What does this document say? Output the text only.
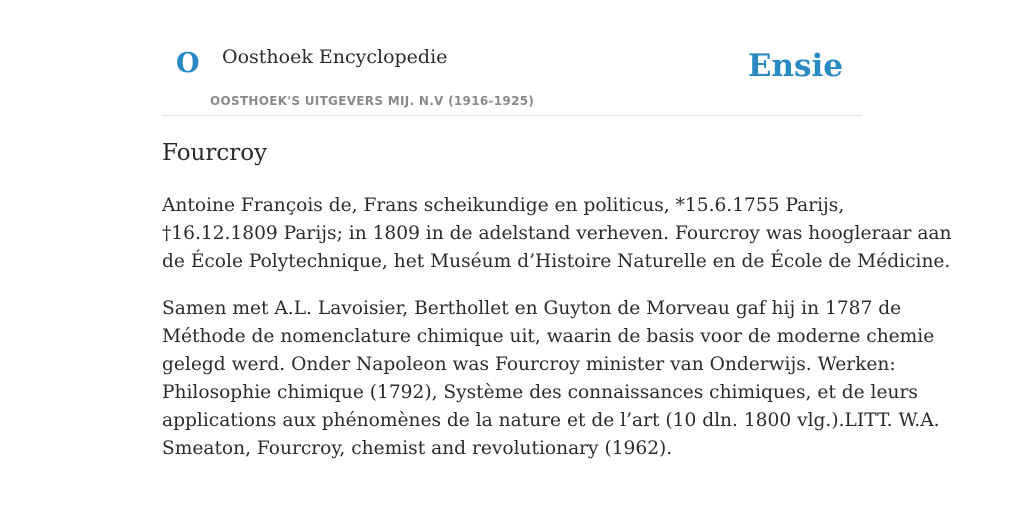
O Oosthoek Encyclopedie
OOSTHOEK'S UITGEVERS MIJ. N.V (1916-1925)
Ensie
Fourcroy

Antoine François de, Frans scheikundige en politicus, *15.6.1755 Parijs,
†16.12.1809 Parijs; in 1809 in de adelstand verheven. Fourcroy was hoogleraar aan
de École Polytechnique, het Muséum d’Histoire Naturelle en de École de Médicine.

Samen met A.L. Lavoisier, Berthollet en Guyton de Morveau gaf hij in 1787 de
Méthode de nomenclature chimique uit, waarin de basis voor de moderne chemie
gelegd werd. Onder Napoleon was Fourcroy minister van Onderwijs. Werken:
Philosophie chimique (1792), Système des connaissances chimiques, et de leurs
applications aux phénomènes de la nature et de l’art (10 dln. 1800 vlg.).LITT. W.A.
Smeaton, Fourcroy, chemist and revolutionary (1962).
